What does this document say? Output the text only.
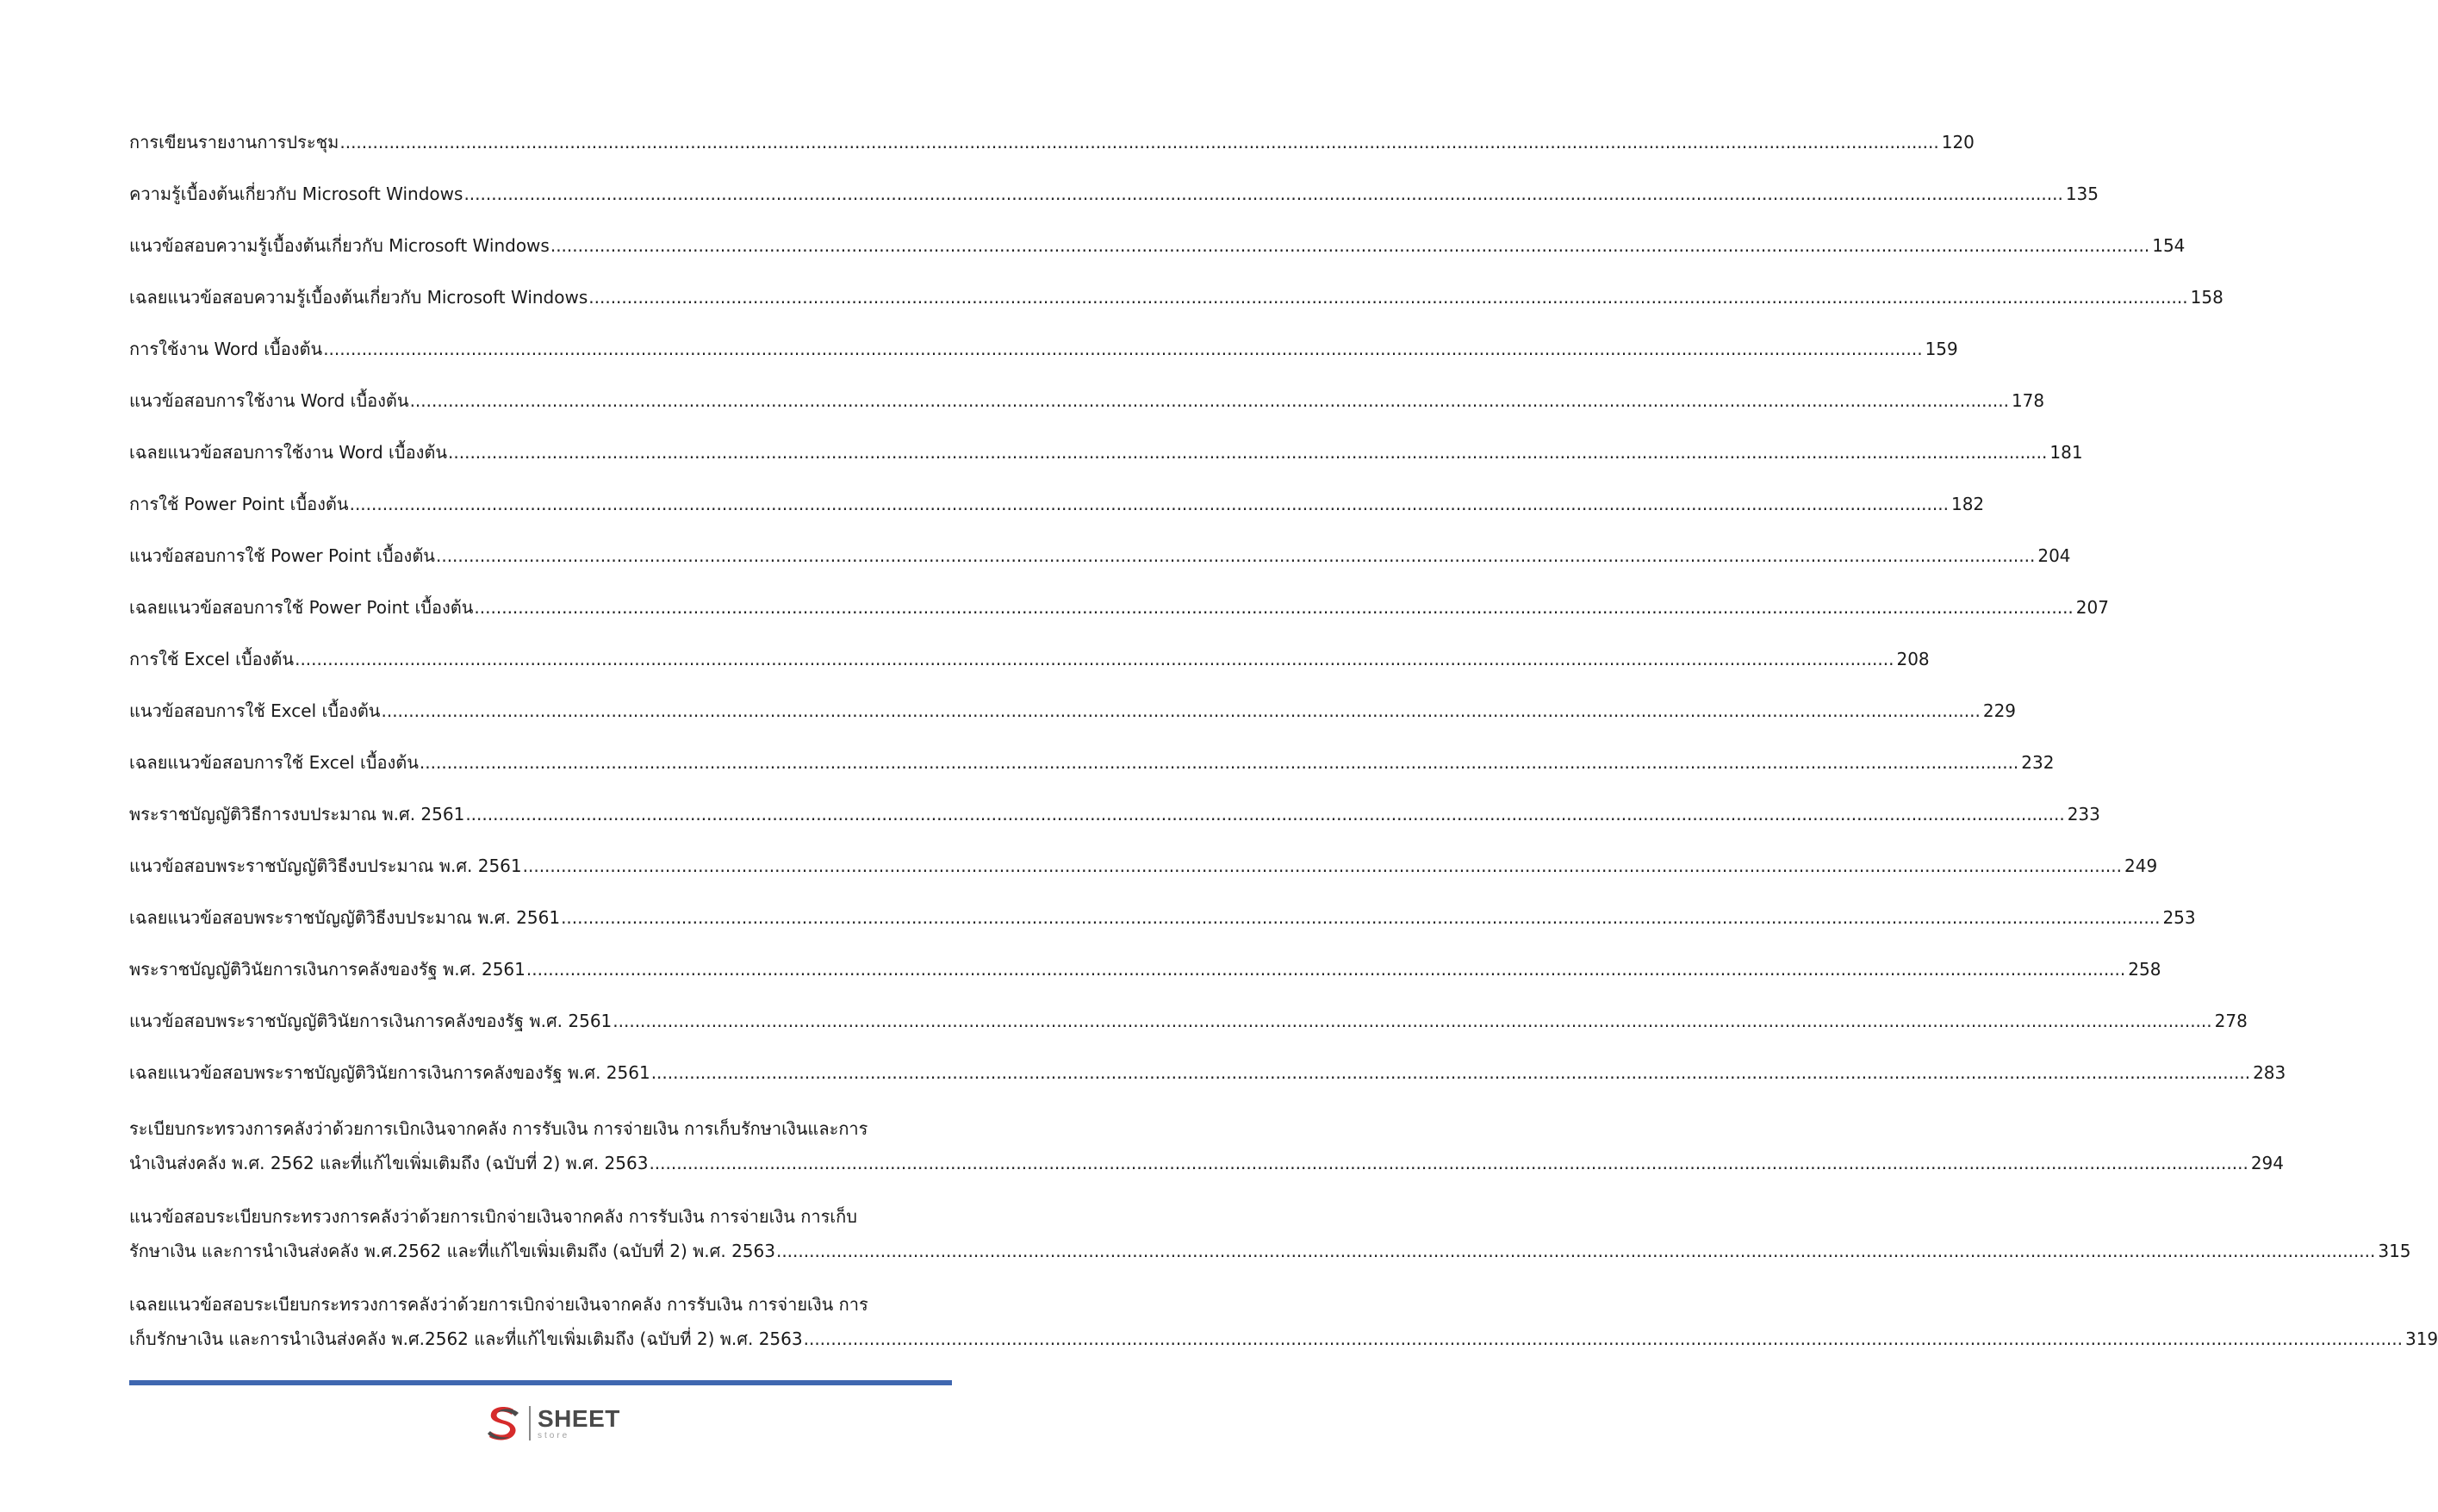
การเขียนรายงานการประชุม .....	120
ความรู้เบื้องต้นเกี่ยวกับ Microsoft Windows .....	135
แนวข้อสอบความรู้เบื้องต้นเกี่ยวกับ Microsoft Windows .....	154
เฉลยแนวข้อสอบความรู้เบื้องต้นเกี่ยวกับ Microsoft Windows .....	158
การใช้งาน Word เบื้องต้น .....	159
แนวข้อสอบการใช้งาน Word เบื้องต้น .....	178
เฉลยแนวข้อสอบการใช้งาน Word เบื้องต้น .....	181
การใช้ Power Point เบื้องต้น .....	182
แนวข้อสอบการใช้ Power Point เบื้องต้น .....	204
เฉลยแนวข้อสอบการใช้ Power Point เบื้องต้น .....	207
การใช้ Excel เบื้องต้น .....	208
แนวข้อสอบการใช้ Excel เบื้องต้น .....	229
เฉลยแนวข้อสอบการใช้ Excel เบื้องต้น .....	232
พระราชบัญญัติวิธีการงบประมาณ พ.ศ. 2561 .....	233
แนวข้อสอบพระราชบัญญัติวิธีงบประมาณ พ.ศ. 2561 .....	249
เฉลยแนวข้อสอบพระราชบัญญัติวิธีงบประมาณ พ.ศ. 2561 .....	253
พระราชบัญญัติวินัยการเงินการคลังของรัฐ พ.ศ. 2561 .....	258
แนวข้อสอบพระราชบัญญัติวินัยการเงินการคลังของรัฐ พ.ศ. 2561 .....	278
เฉลยแนวข้อสอบพระราชบัญญัติวินัยการเงินการคลังของรัฐ พ.ศ. 2561 .....	283
ระเบียบกระทรวงการคลังว่าด้วยการเบิกเงินจากคลัง การรับเงิน การจ่ายเงิน การเก็บรักษาเงินและการ
นำเงินส่งคลัง พ.ศ. 2562 และที่แก้ไขเพิ่มเติมถึง (ฉบับที่ 2) พ.ศ. 2563 .....	294
แนวข้อสอบระเบียบกระทรวงการคลังว่าด้วยการเบิกจ่ายเงินจากคลัง การรับเงิน การจ่ายเงิน การเก็บ
รักษาเงิน และการนำเงินส่งคลัง พ.ศ.2562 และที่แก้ไขเพิ่มเติมถึง (ฉบับที่ 2) พ.ศ. 2563 .....	315
เฉลยแนวข้อสอบระเบียบกระทรวงการคลังว่าด้วยการเบิกจ่ายเงินจากคลัง การรับเงิน การจ่ายเงิน การ
เก็บรักษาเงิน และการนำเงินส่งคลัง พ.ศ.2562 และที่แก้ไขเพิ่มเติมถึง (ฉบับที่ 2) พ.ศ. 2563 .....	319
SHEET
store
